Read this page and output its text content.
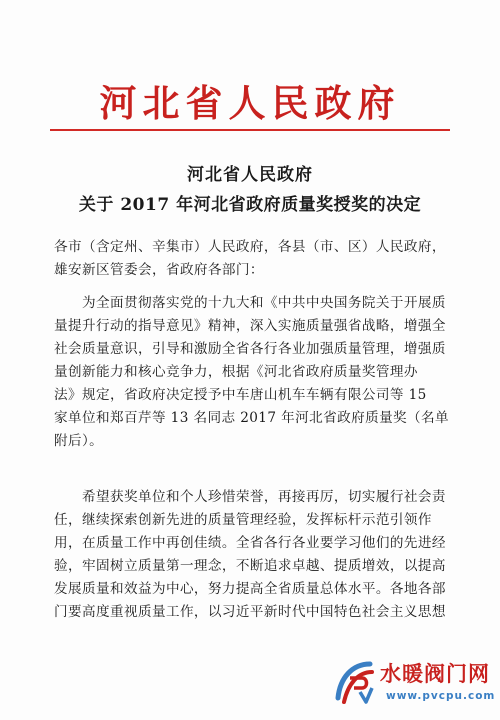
河北省人民政府
河北省人民政府
关于 2017 年河北省政府质量奖授奖的决定
各市（含定州、辛集市）人民政府，各县（市、区）人民政府，
雄安新区管委会，省政府各部门：
为全面贯彻落实党的十九大和《中共中央国务院关于开展质
量提升行动的指导意见》精神，深入实施质量强省战略，增强全
社会质量意识，引导和激励全省各行各业加强质量管理，增强质
量创新能力和核心竞争力，根据《河北省政府质量奖管理办
法》规定，省政府决定授予中车唐山机车车辆有限公司等 15
家单位和郑百芹等 13 名同志 2017 年河北省政府质量奖（名单
附后）。
希望获奖单位和个人珍惜荣誉，再接再厉，切实履行社会责
任，继续探索创新先进的质量管理经验，发挥标杆示范引领作
用，在质量工作中再创佳绩。全省各行各业要学习他们的先进经
验，牢固树立质量第一理念，不断追求卓越、提质增效，以提高
发展质量和效益为中心，努力提高全省质量总体水平。各地各部
门要高度重视质量工作，以习近平新时代中国特色社会主义思想
水暖阀门网
www.pvcpu.com
